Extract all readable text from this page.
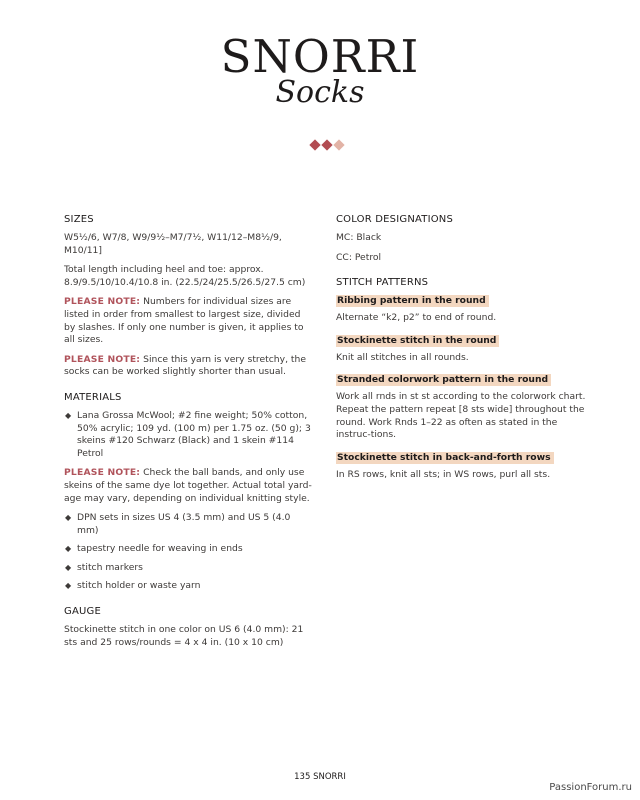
SNORRI
Socks
SIZES

W5½/6, W7/8, W9/9½–M7/7½, W11/12–M8½/9, M10/11]

Total length including heel and toe: approx. 8.9/9.5/10/10.4/10.8 in. (22.5/24/25.5/26.5/27.5 cm)

PLEASE NOTE: Numbers for individual sizes are listed in order from smallest to largest size, divided by slashes. If only one number is given, it applies to all sizes.

PLEASE NOTE: Since this yarn is very stretchy, the socks can be worked slightly shorter than usual.

MATERIALS
◆ Lana Grossa McWool; #2 fine weight; 50% cotton, 50% acrylic; 109 yd. (100 m) per 1.75 oz. (50 g); 3 skeins #120 Schwarz (Black) and 1 skein #114 Petrol

PLEASE NOTE: Check the ball bands, and only use skeins of the same dye lot together. Actual total yard-age may vary, depending on individual knitting style.

◆ DPN sets in sizes US 4 (3.5 mm) and US 5 (4.0 mm)
◆ tapestry needle for weaving in ends
◆ stitch markers
◆ stitch holder or waste yarn
GAUGE

Stockinette stitch in one color on US 6 (4.0 mm): 21 sts and 25 rows/rounds = 4 x 4 in. (10 x 10 cm)

COLOR DESIGNATIONS

MC: Black

CC: Petrol

STITCH PATTERNS
Ribbing pattern in the round

Alternate “k2, p2” to end of round.

Stockinette stitch in the round

Knit all stitches in all rounds.

Stranded colorwork pattern in the round

Work all rnds in st st according to the colorwork chart. Repeat the pattern repeat [8 sts wide] throughout the round. Work Rnds 1–22 as often as stated in the instruc-tions.

Stockinette stitch in back-and-forth rows

In RS rows, knit all sts; in WS rows, purl all sts.

135 SNORRI
PassionForum.ru
